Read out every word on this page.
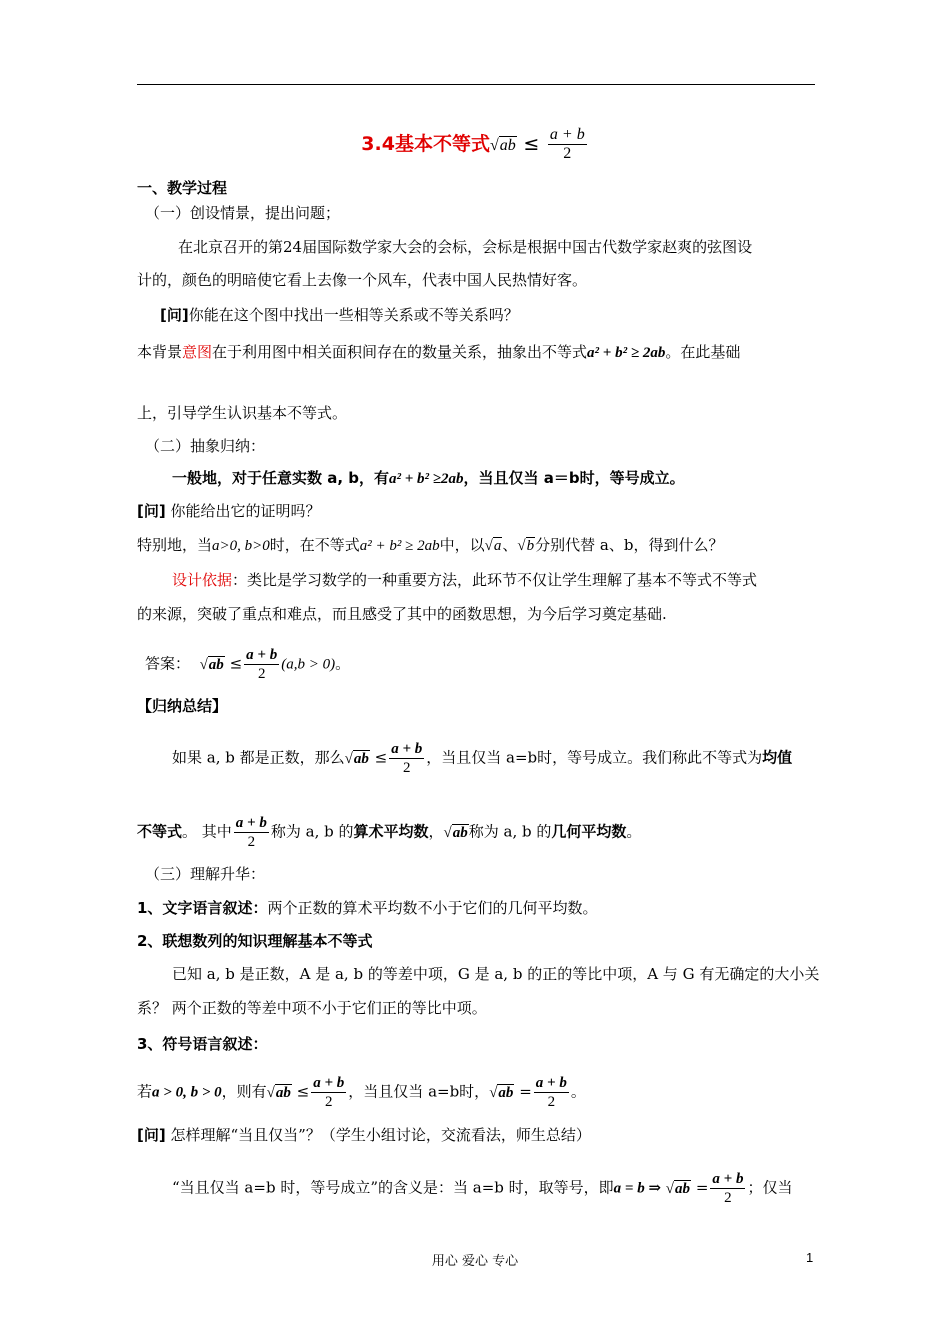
3.4基本不等式$√ab \le \frac{a + b}{2}$
一、教学过程
（一）创设情景，提出问题；
在北京召开的第24届国际数学家大会的会标，会标是根据中国古代数学家赵爽的弦图设
计的，颜色的明暗使它看上去像一个风车，代表中国人民热情好客。
[问]你能在这个图中找出一些相等关系或不等关系吗？
本背景意图在于利用图中相关面积间存在的数量关系，抽象出不等式a² + b² ≥ 2ab。在此基础
上，引导学生认识基本不等式。
（二）抽象归纳：
一般地，对于任意实数 a, b，有a² + b² ≥2ab，当且仅当 a＝b时，等号成立。
[问] 你能给出它的证明吗？
特别地，当a>0, b>0时，在不等式a² + b² ≥ 2ab中，以√a、√b分别代替 a、b，得到什么？
设计依据：类比是学习数学的一种重要方法，此环节不仅让学生理解了基本不等式不等式
的来源，突破了重点和难点，而且感受了其中的函数思想，为今后学习奠定基础.
答案： $√ab \le \frac{a + b}{2} (a,b > 0)$。
【归纳总结】
如果 a, b 都是正数，那么$√ab \le \frac{a + b}{2}$ ，当且仅当 a=b时，等号成立。我们称此不等式为均值
不等式。 其中 $\frac{a + b}{2}$ 称为 a, b 的算术平均数，√ab称为 a, b 的几何平均数。
（三）理解升华：
1、文字语言叙述：两个正数的算术平均数不小于它们的几何平均数。
2、联想数列的知识理解基本不等式
已知 a, b 是正数，A 是 a, b 的等差中项，G 是 a, b 的正的等比中项，A 与 G 有无确定的大小关
系？ 两个正数的等差中项不小于它们正的等比中项。
3、符号语言叙述：
若a > 0, b > 0，则有$√ab \le \frac{a + b}{2}$ ，当且仅当 a=b时，$√ab = \frac{a + b}{2}$ 。
[问] 怎样理解“当且仅当”？（学生小组讨论，交流看法，师生总结）
“当且仅当 a=b 时，等号成立”的含义是：当 a=b 时，取等号，即a = b ⇒ $√ab = \frac{a + b}{2}$ ；仅当
用心 爱心 专心	1
